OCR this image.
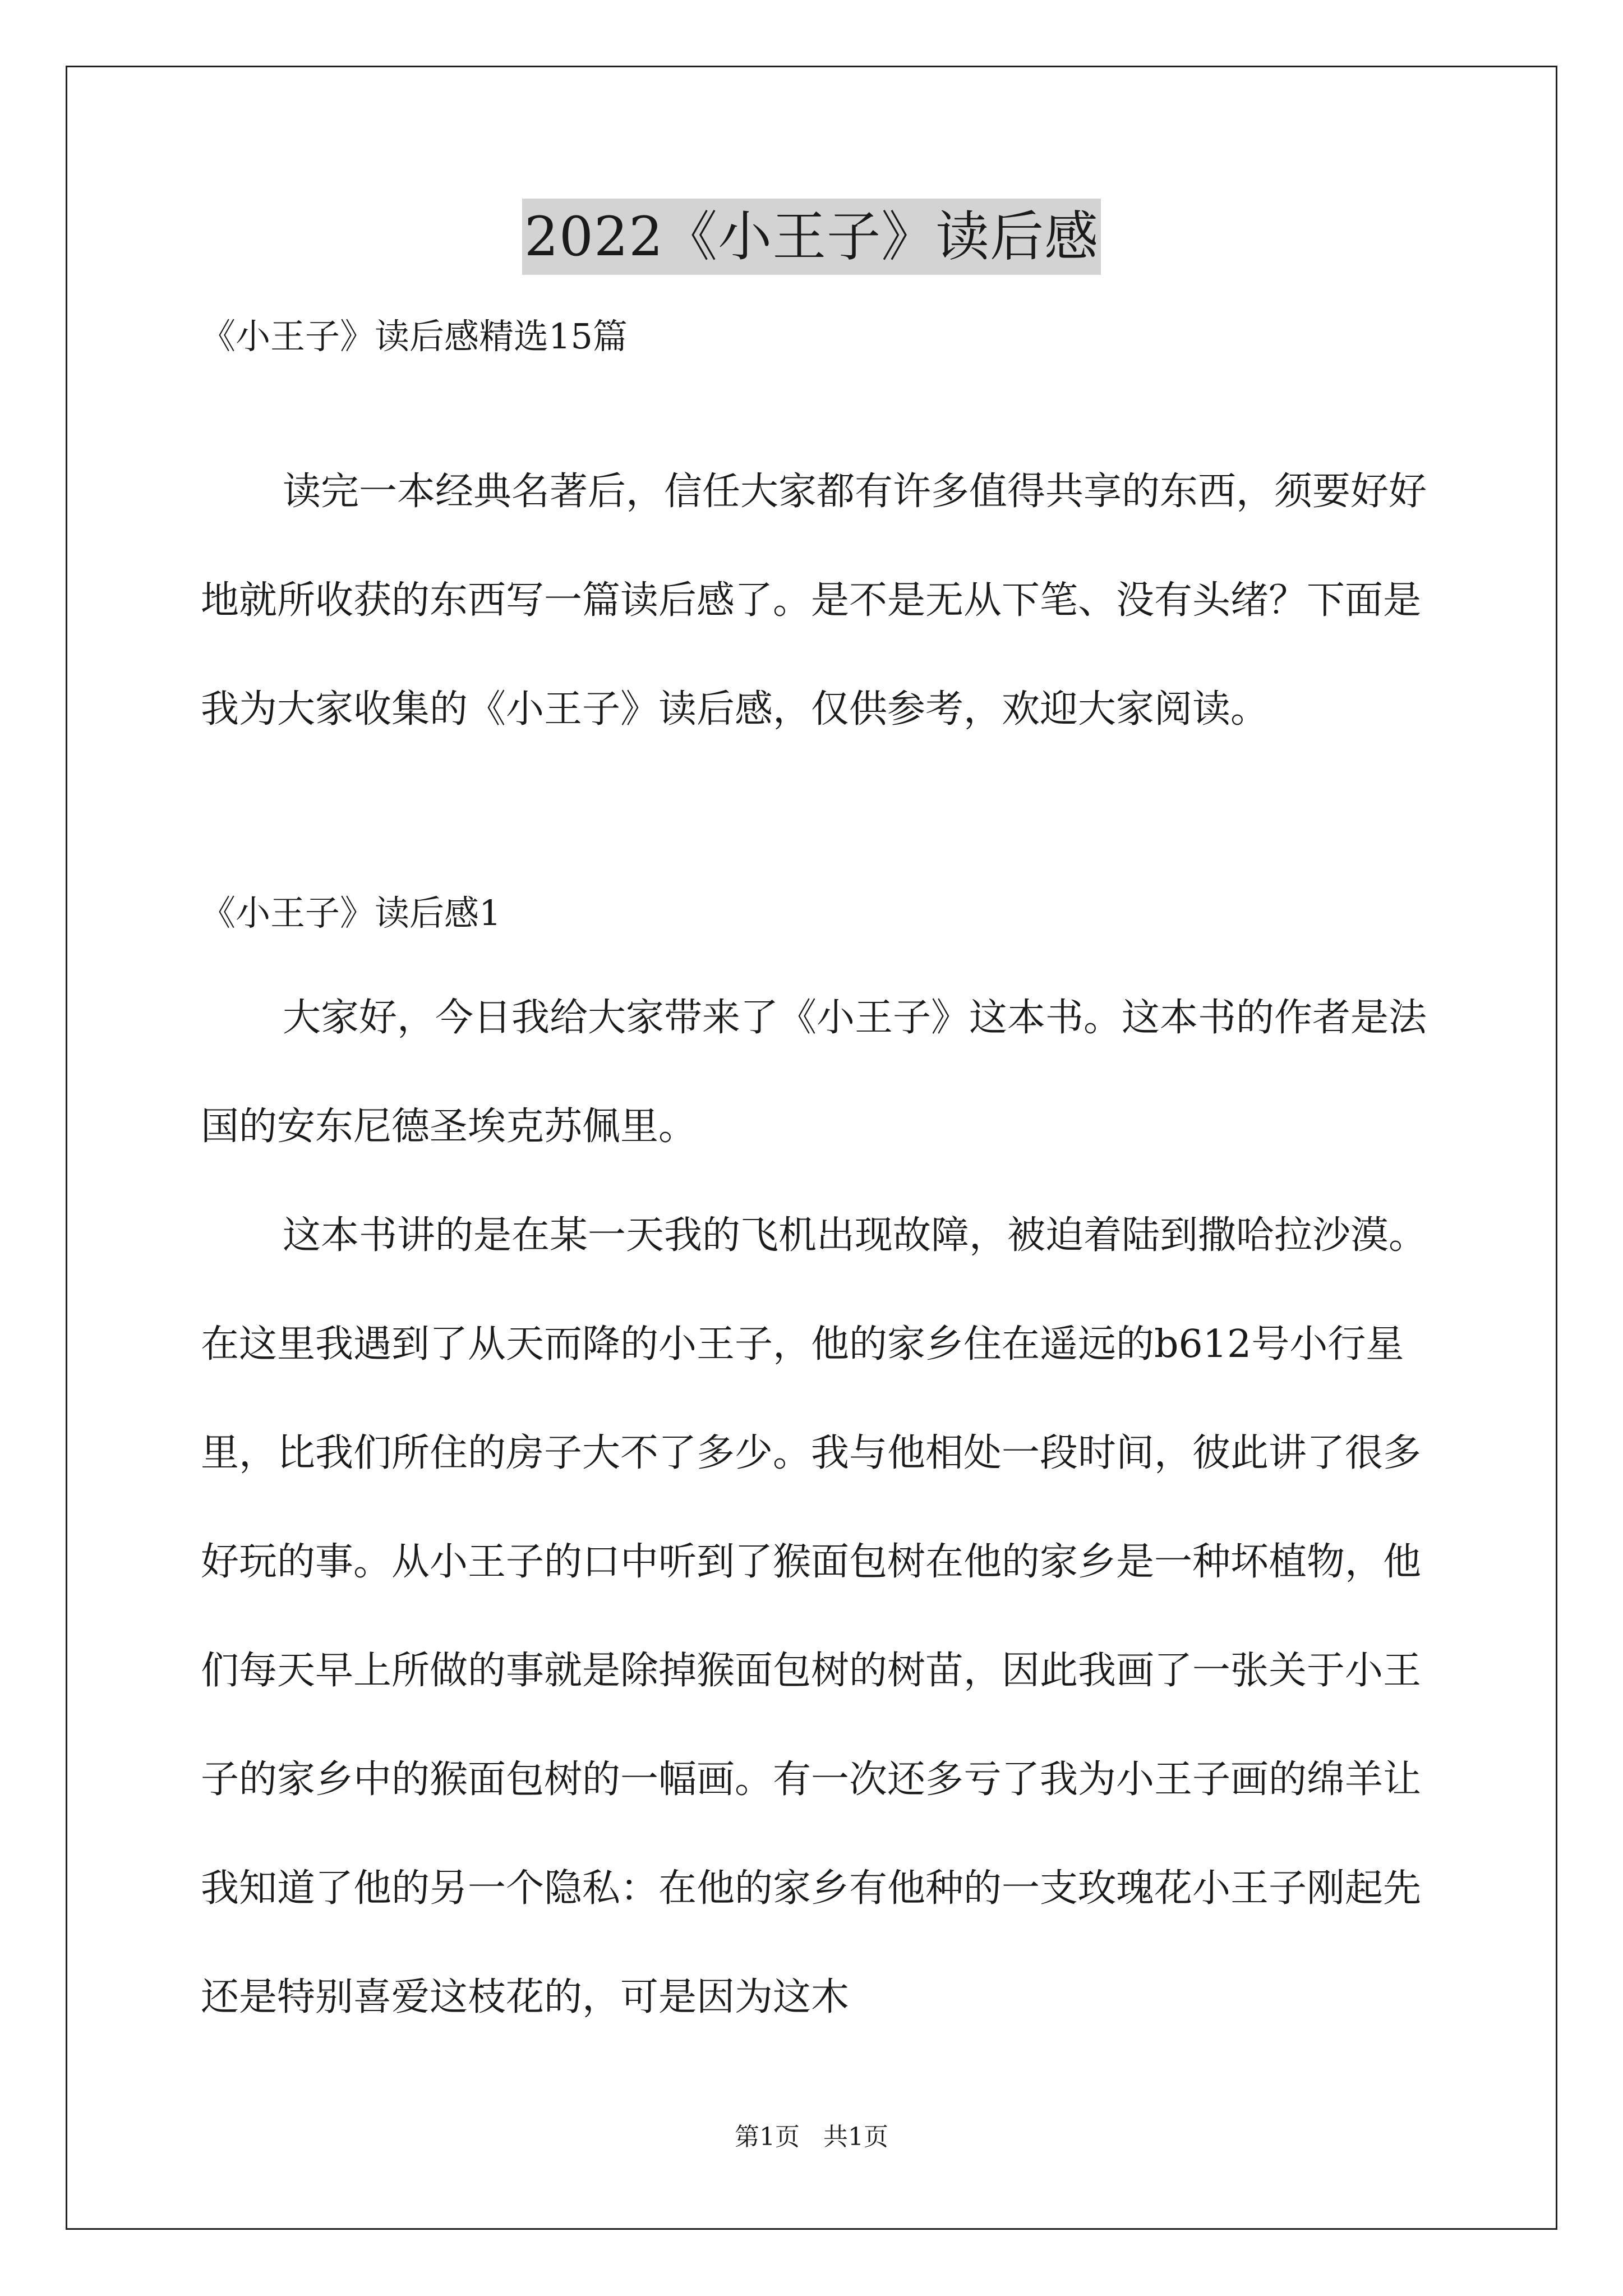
2022《小王子》读后感
《小王子》读后感精选15篇

读完一本经典名著后，信任大家都有许多值得共享的东西，须要好好地就所收获的东西写一篇读后感了。是不是无从下笔、没有头绪？下面是我为大家收集的《小王子》读后感，仅供参考，欢迎大家阅读。

《小王子》读后感1

大家好，今日我给大家带来了《小王子》这本书。这本书的作者是法国的安东尼德圣埃克苏佩里。

这本书讲的是在某一天我的飞机出现故障，被迫着陆到撒哈拉沙漠。在这里我遇到了从天而降的小王子，他的家乡住在遥远的b612号小行星里，比我们所住的房子大不了多少。我与他相处一段时间，彼此讲了很多好玩的事。从小王子的口中听到了猴面包树在他的家乡是一种坏植物，他们每天早上所做的事就是除掉猴面包树的树苗，因此我画了一张关于小王子的家乡中的猴面包树的一幅画。有一次还多亏了我为小王子画的绵羊让我知道了他的另一个隐私：在他的家乡有他种的一支玫瑰花小王子刚起先还是特别喜爱这枝花的，可是因为这木

第1页   共1页
